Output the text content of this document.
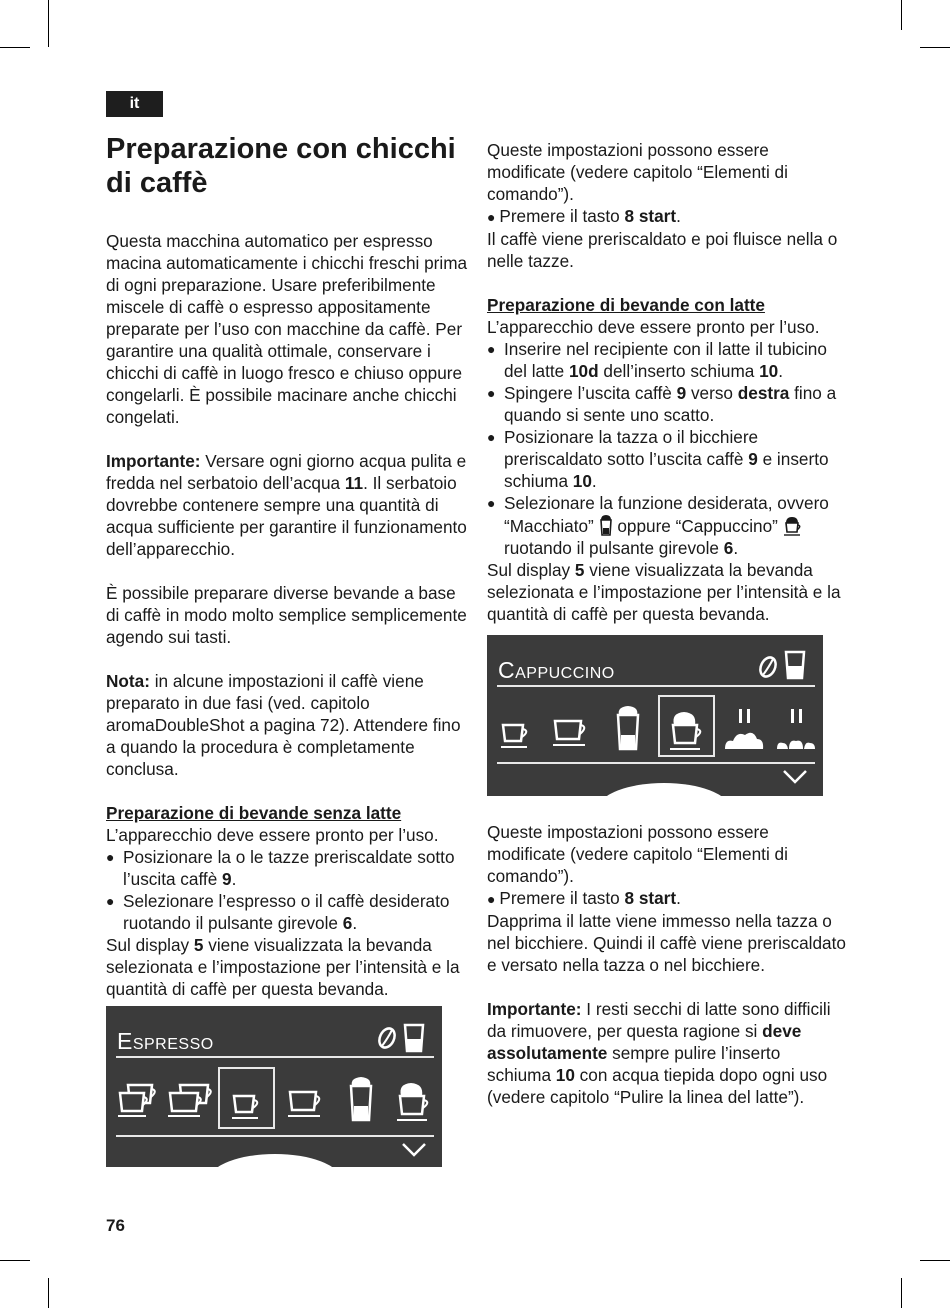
it
Preparazione con chicchi di caffè

Questa macchina automatico per espresso macina automaticamente i chicchi freschi prima di ogni preparazione. Usare preferibilmente miscele di caffè o espresso appositamente preparate per l’uso con macchine da caffè. Per garantire una qualità ottimale, conservare i chicchi di caffè in luogo fresco e chiuso oppure congelarli. È possibile macinare anche chicchi congelati.

Importante: Versare ogni giorno acqua pulita e fredda nel serbatoio dell’acqua 11. Il serbatoio dovrebbe contenere sempre una quantità di acqua sufficiente per garantire il funzionamento dell’apparecchio.

È possibile preparare diverse bevande a base di caffè in modo molto semplice semplicemente agendo sui tasti.

Nota: in alcune impostazioni il caffè viene preparato in due fasi (ved. capitolo aromaDoubleShot a pagina 72). Attendere fino a quando la procedura è completamente conclusa.

Preparazione di bevande senza latte

L’apparecchio deve essere pronto per l’uso.

● Posizionare la o le tazze preriscaldate sotto l’uscita caffè 9.
● Selezionare l’espresso o il caffè desiderato ruotando il pulsante girevole 6.

Sul display 5 viene visualizzata la bevanda selezionata e l’impostazione per l’intensità e la quantità di caffè per questa bevanda.

Espresso

Queste impostazioni possono essere modificate (vedere capitolo “Elementi di comando”).

● Premere il tasto 8 start.

Il caffè viene preriscaldato e poi fluisce nella o nelle tazze.

Preparazione di bevande con latte

L’apparecchio deve essere pronto per l’uso.

● Inserire nel recipiente con il latte il tubicino del latte 10d dell’inserto schiuma 10.
● Spingere l’uscita caffè 9 verso destra fino a quando si sente uno scatto.
● Posizionare la tazza o il bicchiere preriscaldato sotto l’uscita caffè 9 e inserto schiuma 10.
● Selezionare la funzione desiderata, ovvero “Macchiato”  oppure “Cappuccino”  ruotando il pulsante girevole 6.

Sul display 5 viene visualizzata la bevanda selezionata e l’impostazione per l’intensità e la quantità di caffè per questa bevanda.

Cappuccino

Queste impostazioni possono essere modificate (vedere capitolo “Elementi di comando”).

● Premere il tasto 8 start.

Dapprima il latte viene immesso nella tazza o nel bicchiere. Quindi il caffè viene preriscaldato e versato nella tazza o nel bicchiere.

Importante: I resti secchi di latte sono difficili da rimuovere, per questa ragione si deve assolutamente sempre pulire l’inserto schiuma 10 con acqua tiepida dopo ogni uso (vedere capitolo “Pulire la linea del latte”).

76
